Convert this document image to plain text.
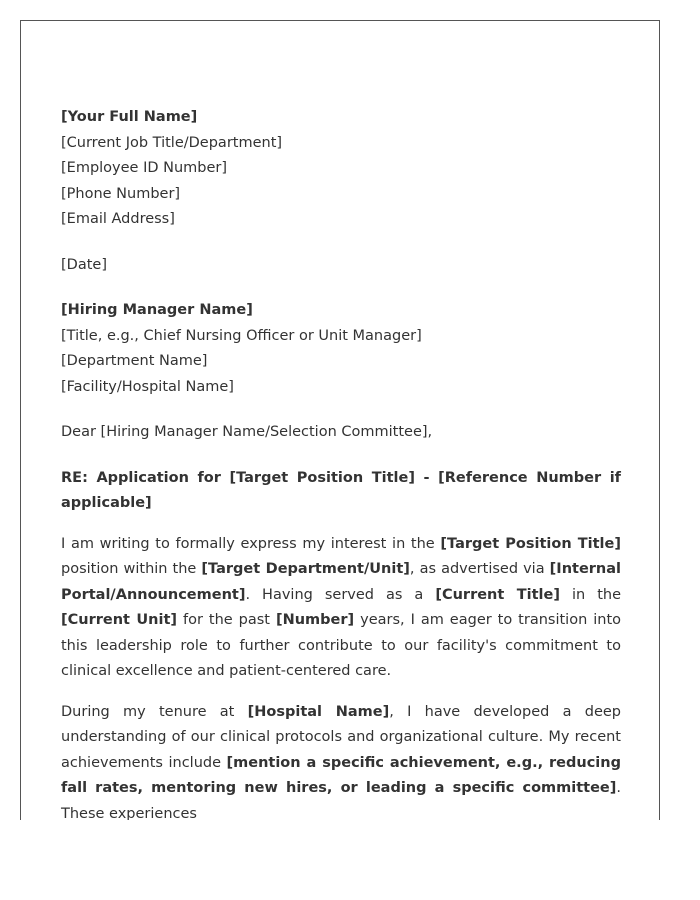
[Your Full Name]
[Current Job Title/Department]
[Employee ID Number]
[Phone Number]
[Email Address]
[Date]
[Hiring Manager Name]
[Title, e.g., Chief Nursing Officer or Unit Manager]
[Department Name]
[Facility/Hospital Name]
Dear [Hiring Manager Name/Selection Committee],

RE: Application for [Target Position Title] - [Reference Number if applicable]

I am writing to formally express my interest in the [Target Position Title] position within the [Target Department/Unit], as advertised via [Internal Portal/Announcement]. Having served as a [Current Title] in the [Current Unit] for the past [Number] years, I am eager to transition into this leadership role to further contribute to our facility's commitment to clinical excellence and patient-centered care.

During my tenure at [Hospital Name], I have developed a deep understanding of our clinical protocols and organizational culture. My recent achievements include [mention a specific achievement, e.g., reducing fall rates, mentoring new hires, or leading a specific committee]. These experiences
